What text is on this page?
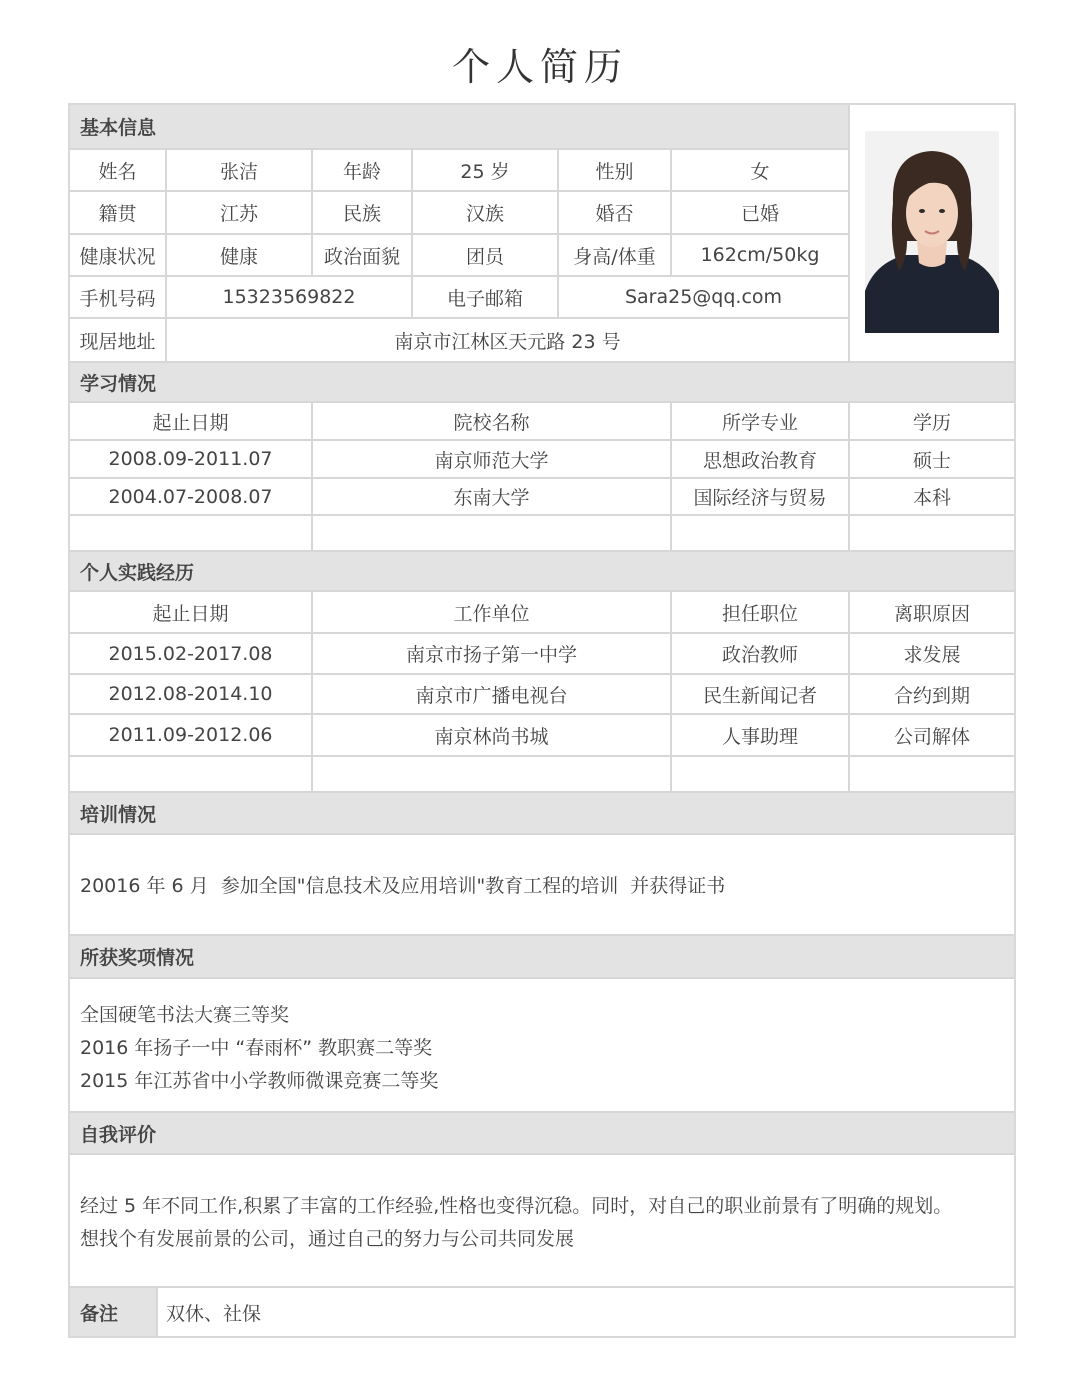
个人简历
基本信息
姓名	张洁	年龄	25 岁	性别	女
籍贯	江苏	民族	汉族	婚否	已婚
健康状况	健康	政治面貌	团员	身高/体重	162cm/50kg
手机号码	15323569822	电子邮箱	Sara25@qq.com
现居地址	南京市江林区天元路 23 号
学习情况
起止日期	院校名称	所学专业	学历
2008.09-2011.07	南京师范大学	思想政治教育	硕士
2004.07-2008.07	东南大学	国际经济与贸易	本科
个人实践经历
起止日期	工作单位	担任职位	离职原因
2015.02-2017.08	南京市扬子第一中学	政治教师	求发展
2012.08-2014.10	南京市广播电视台	民生新闻记者	合约到期
2011.09-2012.06	南京林尚书城	人事助理	公司解体
培训情况
20016 年 6 月  参加全国"信息技术及应用培训"教育工程的培训  并获得证书
所获奖项情况
全国硬笔书法大赛三等奖
2016 年扬子一中 “春雨杯” 教职赛二等奖
2015 年江苏省中小学教师微课竞赛二等奖
自我评价
经过 5 年不同工作,积累了丰富的工作经验,性格也变得沉稳。同时，对自己的职业前景有了明确的规划。
想找个有发展前景的公司，通过自己的努力与公司共同发展
备注	双休、社保
